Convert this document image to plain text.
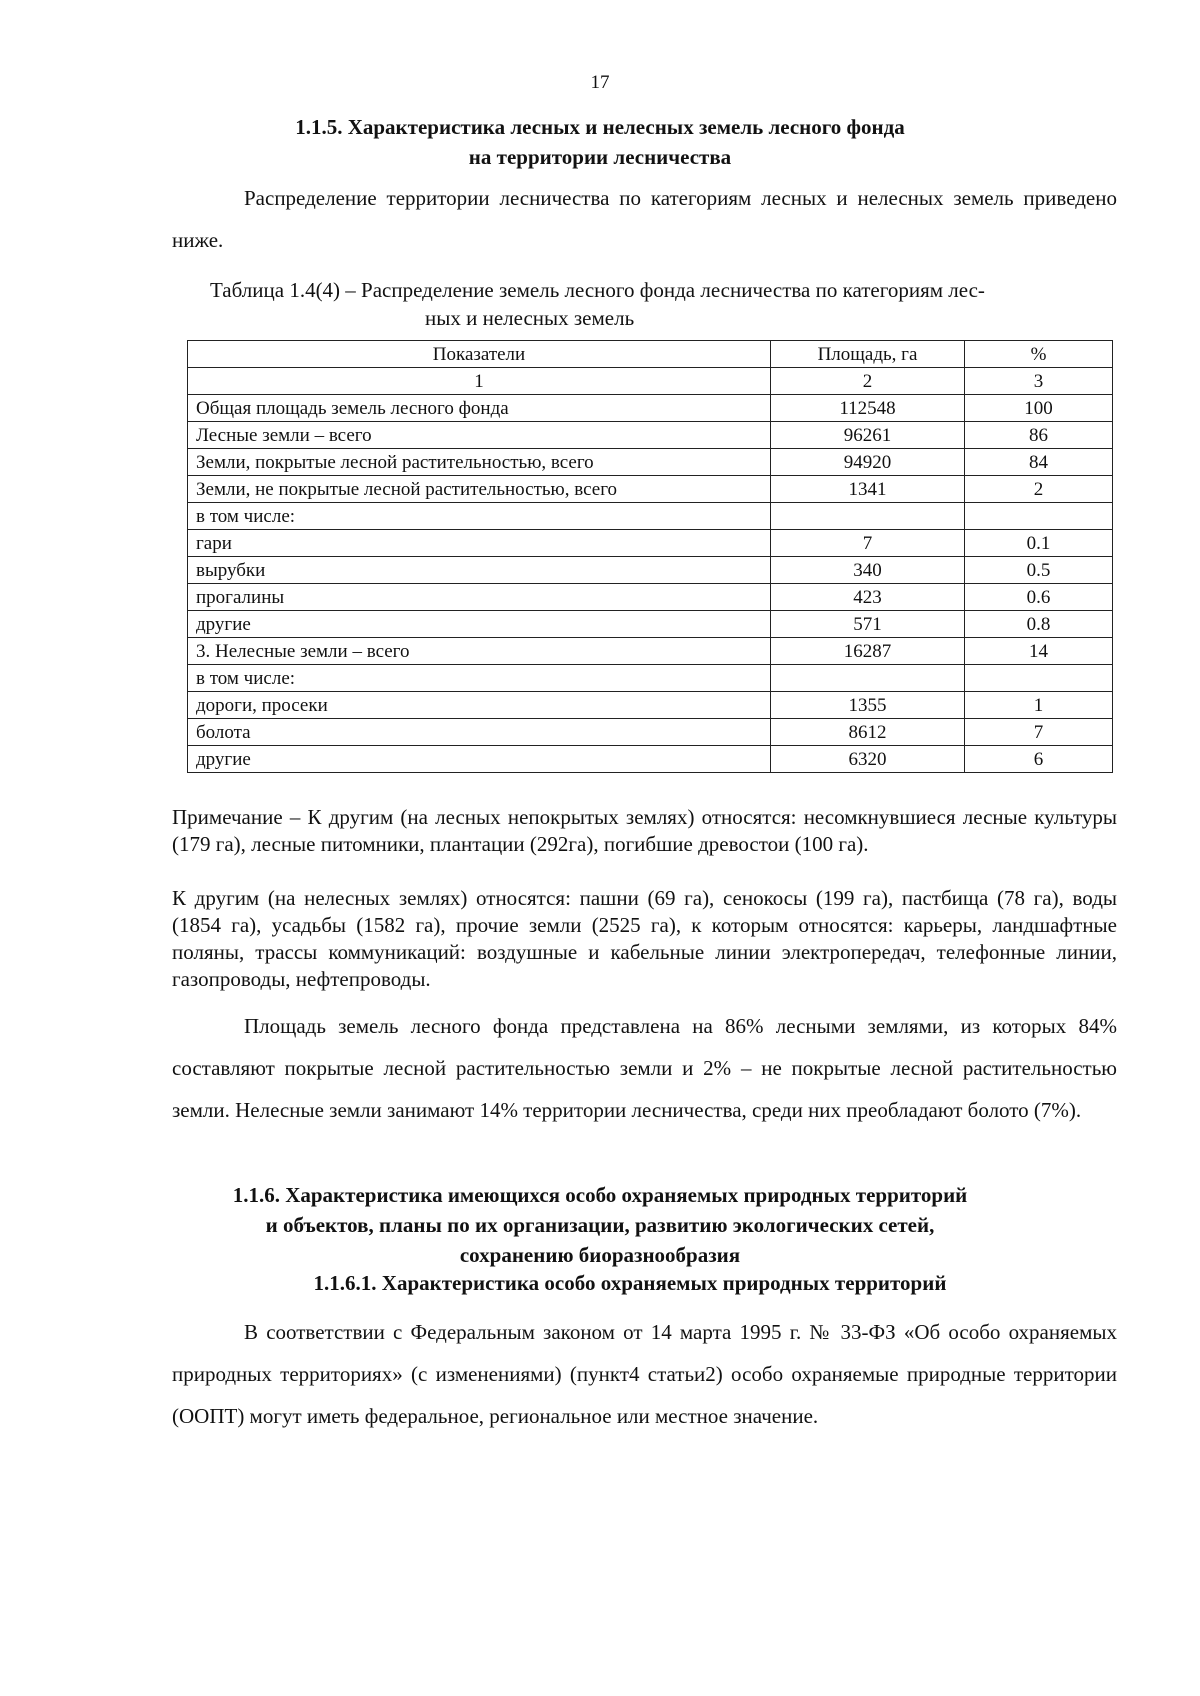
17
1.1.5. Характеристика лесных и нелесных земель лесного фонда
на территории лесничества

Распределение территории лесничества по категориям лесных и нелесных земель приведено ниже.

Таблица 1.4(4) – Распределение земель лесного фонда лесничества по категориям лес-
ных и нелесных земель

Показатели	Площадь, га	%
1	2	3
Общая площадь земель лесного фонда	112548	100
Лесные земли – всего	96261	86
Земли, покрытые лесной растительностью, всего	94920	84
Земли, не покрытые лесной растительностью, всего	1341	2
в том числе:		
гари	7	0.1
вырубки	340	0.5
прогалины	423	0.6
другие	571	0.8
3. Нелесные земли – всего	16287	14
в том числе:		
дороги, просеки	1355	1
болота	8612	7
другие	6320	6

Примечание – К другим (на лесных непокрытых землях) относятся: несомкнувшиеся лесные культуры (179 га), лесные питомники, плантации (292га), погибшие древостои (100 га).

К другим (на нелесных землях) относятся: пашни (69 га), сенокосы (199 га), пастбища (78 га), воды (1854 га), усадьбы (1582 га), прочие земли (2525 га), к которым относятся: карьеры, ландшафтные поляны, трассы коммуникаций: воздушные и кабельные линии электропередач, телефонные линии, газопроводы, нефтепроводы.

Площадь земель лесного фонда представлена на 86% лесными землями, из которых 84% составляют покрытые лесной растительностью земли и 2% – не покрытые лесной растительностью земли. Нелесные земли занимают 14% территории лесничества, среди них преобладают болото (7%).

1.1.6. Характеристика имеющихся особо охраняемых природных территорий
и объектов, планы по их организации, развитию экологических сетей,
сохранению биоразнообразия
1.1.6.1. Характеристика особо охраняемых природных территорий

В соответствии с Федеральным законом от 14 марта 1995 г. № 33-ФЗ «Об особо охраняемых природных территориях» (с изменениями) (пункт4 статьи2) особо охраняемые природные территории (ООПТ) могут иметь федеральное, региональное или местное значение.
